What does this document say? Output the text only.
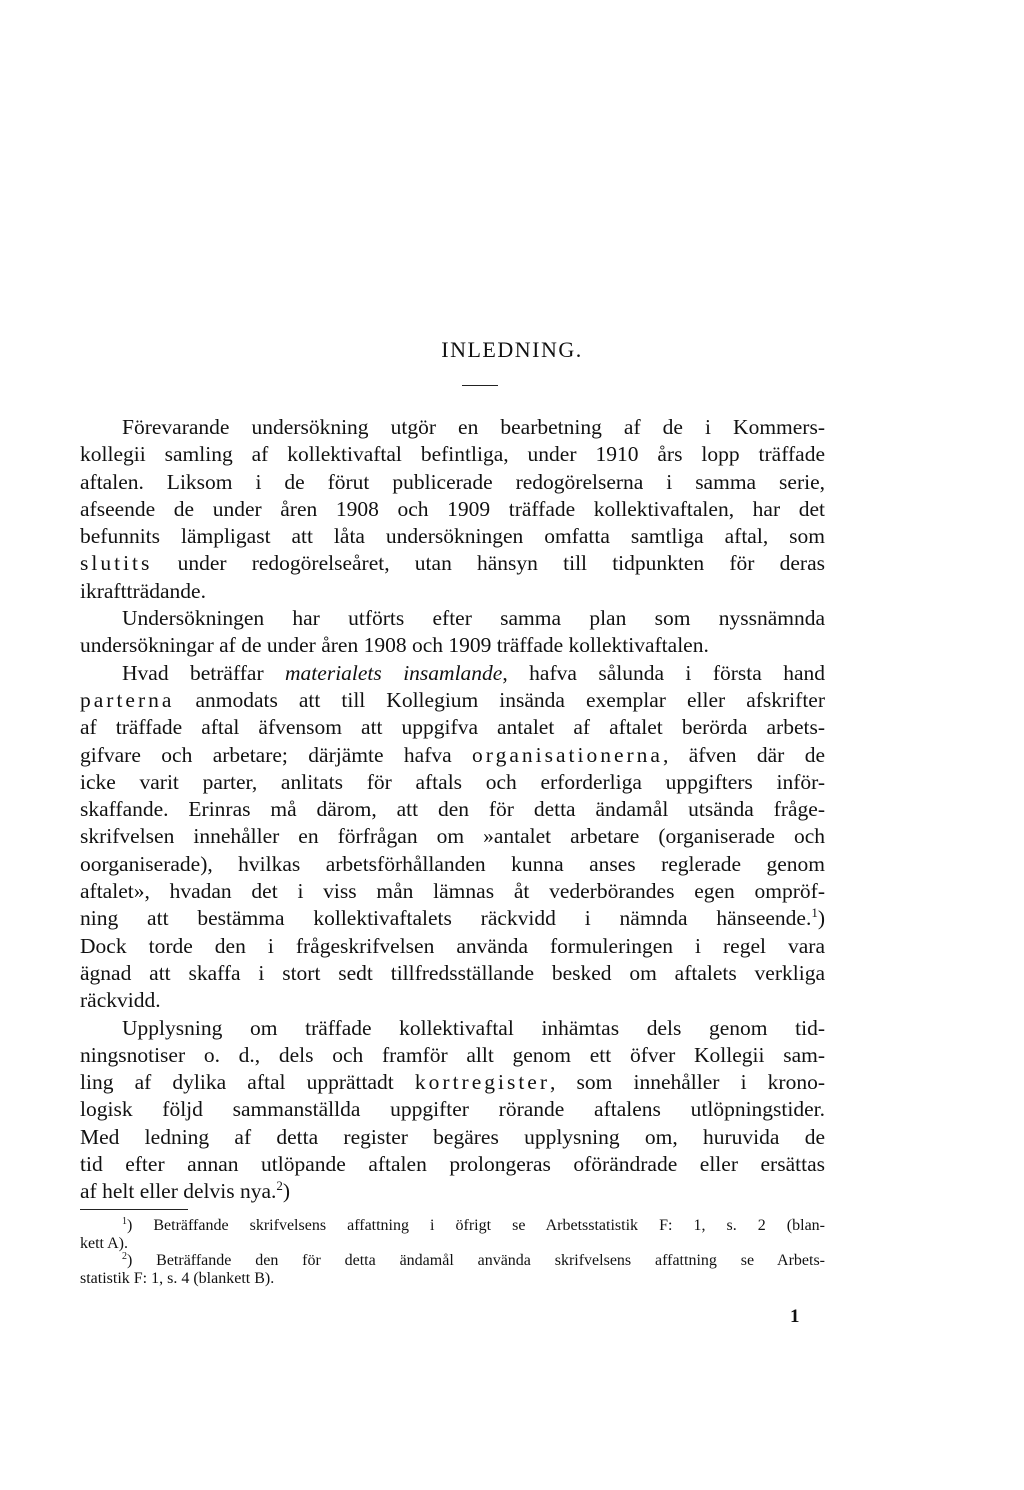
INLEDNING.
Förevarande undersökning utgör en bearbetning af de i Kommers-
kollegii samling af kollektivaftal befintliga, under 1910 års lopp träffade
aftalen. Liksom i de förut publicerade redogörelserna i samma serie,
afseende de under åren 1908 och 1909 träffade kollektivaftalen, har det
befunnits lämpligast att låta undersökningen omfatta samtliga aftal, som
slutits under redogörelseåret, utan hänsyn till tidpunkten för deras
ikraftträdande.
Undersökningen har utförts efter samma plan som nyssnämnda
undersökningar af de under åren 1908 och 1909 träffade kollektivaftalen.
Hvad beträffar materialets insamlande, hafva sålunda i första hand
parterna anmodats att till Kollegium insända exemplar eller afskrifter
af träffade aftal äfvensom att uppgifva antalet af aftalet berörda arbets-
gifvare och arbetare; därjämte hafva organisationerna, äfven där de
icke varit parter, anlitats för aftals och erforderliga uppgifters inför-
skaffande. Erinras må därom, att den för detta ändamål utsända fråge-
skrifvelsen innehåller en förfrågan om »antalet arbetare (organiserade och
oorganiserade), hvilkas arbetsförhållanden kunna anses reglerade genom
aftalet», hvadan det i viss mån lämnas åt vederbörandes egen ompröf-
ning att bestämma kollektivaftalets räckvidd i nämnda hänseende.$^1$)
Dock torde den i frågeskrifvelsen använda formuleringen i regel vara
ägnad att skaffa i stort sedt tillfredsställande besked om aftalets verkliga
räckvidd.
Upplysning om träffade kollektivaftal inhämtas dels genom tid-
ningsnotiser o. d., dels och framför allt genom ett öfver Kollegii sam-
ling af dylika aftal upprättadt kortregister, som innehåller i krono-
logisk följd sammanställda uppgifter rörande aftalens utlöpningstider.
Med ledning af detta register begäres upplysning om, huruvida de
tid efter annan utlöpande aftalen prolongeras oförändrade eller ersättas
af helt eller delvis nya.$^2$)
$^1$) Beträffande skrifvelsens affattning i öfrigt se Arbetsstatistik F: 1, s. 2 (blan-
kett A).
$^2$) Beträffande den för detta ändamål använda skrifvelsens affattning se Arbets-
statistik F: 1, s. 4 (blankett B).
1
